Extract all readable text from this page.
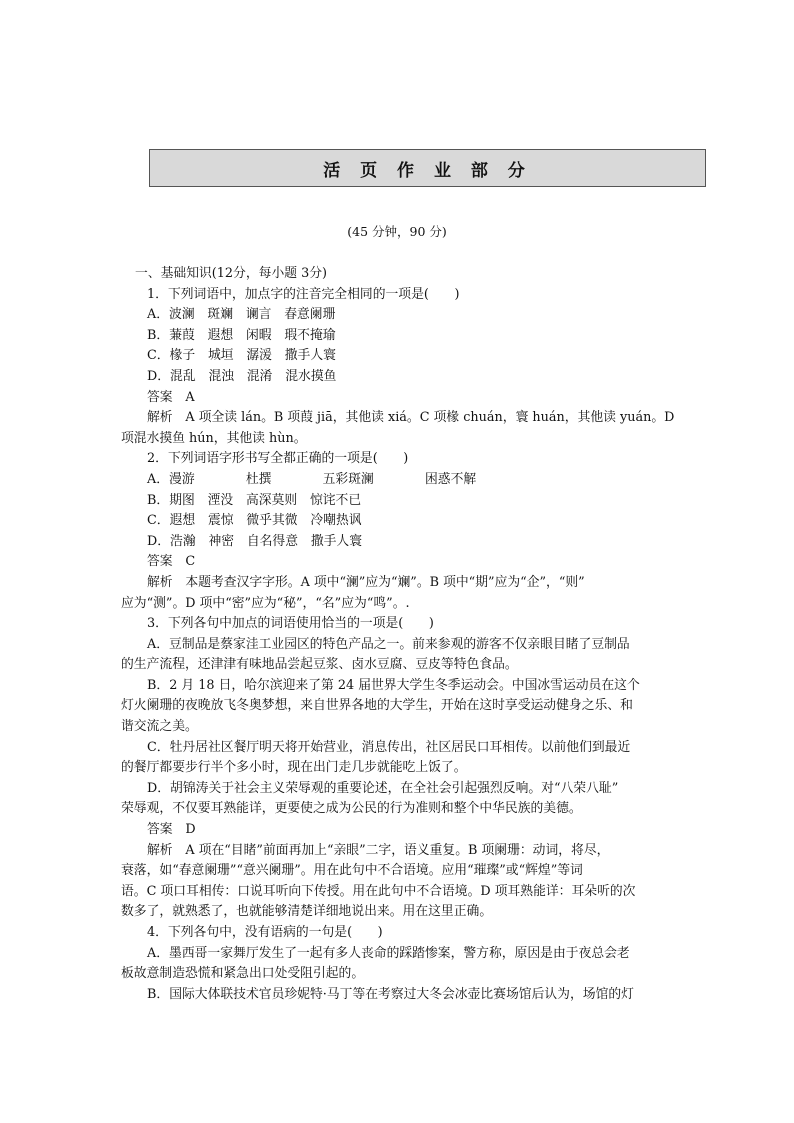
活 页 作 业 部 分
(45 分钟，90 分)
一、基础知识(12分，每小题 3分)
1．下列词语中，加点字的注音完全相同的一项是(　　)
A．波澜　斑斓　谰言　春意阑珊
B．蒹葭　遐想　闲暇　瑕不掩瑜
C．椽子　城垣　潺湲　撒手人寰
D．混乱　混浊　混淆　混水摸鱼
答案　A
解析　A 项全读 lán。B 项葭 jiā，其他读 xiá。C 项椽 chuán，寰 huán，其他读 yuán。D
项混水摸鱼 hún，其他读 hùn。
2．下列词语字形书写全都正确的一项是(　　)
A．漫游　　　　杜撰　　　　五彩斑澜　　　　困惑不解
B．期图　湮没　高深莫则　惊诧不已
C．遐想　震惊　微乎其微　冷嘲热讽
D．浩瀚　神密　自名得意　撒手人寰
答案　C
解析　本题考查汉字字形。A 项中“澜”应为“斓”。B 项中“期”应为“企”，“则”
应为“测”。D 项中“密”应为“秘”，“名”应为“鸣”。.
3．下列各句中加点的词语使用恰当的一项是(　　)
A．豆制品是蔡家洼工业园区的特色产品之一。前来参观的游客不仅亲眼目睹了豆制品
的生产流程，还津津有味地品尝起豆浆、卤水豆腐、豆皮等特色食品。
B．2 月 18 日，哈尔滨迎来了第 24 届世界大学生冬季运动会。中国冰雪运动员在这个
灯火阑珊的夜晚放飞冬奥梦想，来自世界各地的大学生，开始在这时享受运动健身之乐、和
谐交流之美。
C．牡丹居社区餐厅明天将开始营业，消息传出，社区居民口耳相传。以前他们到最近
的餐厅都要步行半个多小时，现在出门走几步就能吃上饭了。
D．胡锦涛关于社会主义荣辱观的重要论述，在全社会引起强烈反响。对“八荣八耻”
荣辱观，不仅要耳熟能详，更要使之成为公民的行为准则和整个中华民族的美德。
答案　D
解析　A 项在“目睹”前面再加上“亲眼”二字，语义重复。B 项阑珊：动词，将尽，
衰落，如“春意阑珊”“意兴阑珊”。用在此句中不合语境。应用“璀璨”或“辉煌”等词
语。C 项口耳相传：口说耳听向下传授。用在此句中不合语境。D 项耳熟能详：耳朵听的次
数多了，就熟悉了，也就能够清楚详细地说出来。用在这里正确。
4．下列各句中，没有语病的一句是(　　)
A．墨西哥一家舞厅发生了一起有多人丧命的踩踏惨案，警方称，原因是由于夜总会老
板故意制造恐慌和紧急出口处受阻引起的。
B．国际大体联技术官员珍妮特·马丁等在考察过大冬会冰壶比赛场馆后认为，场馆的灯
